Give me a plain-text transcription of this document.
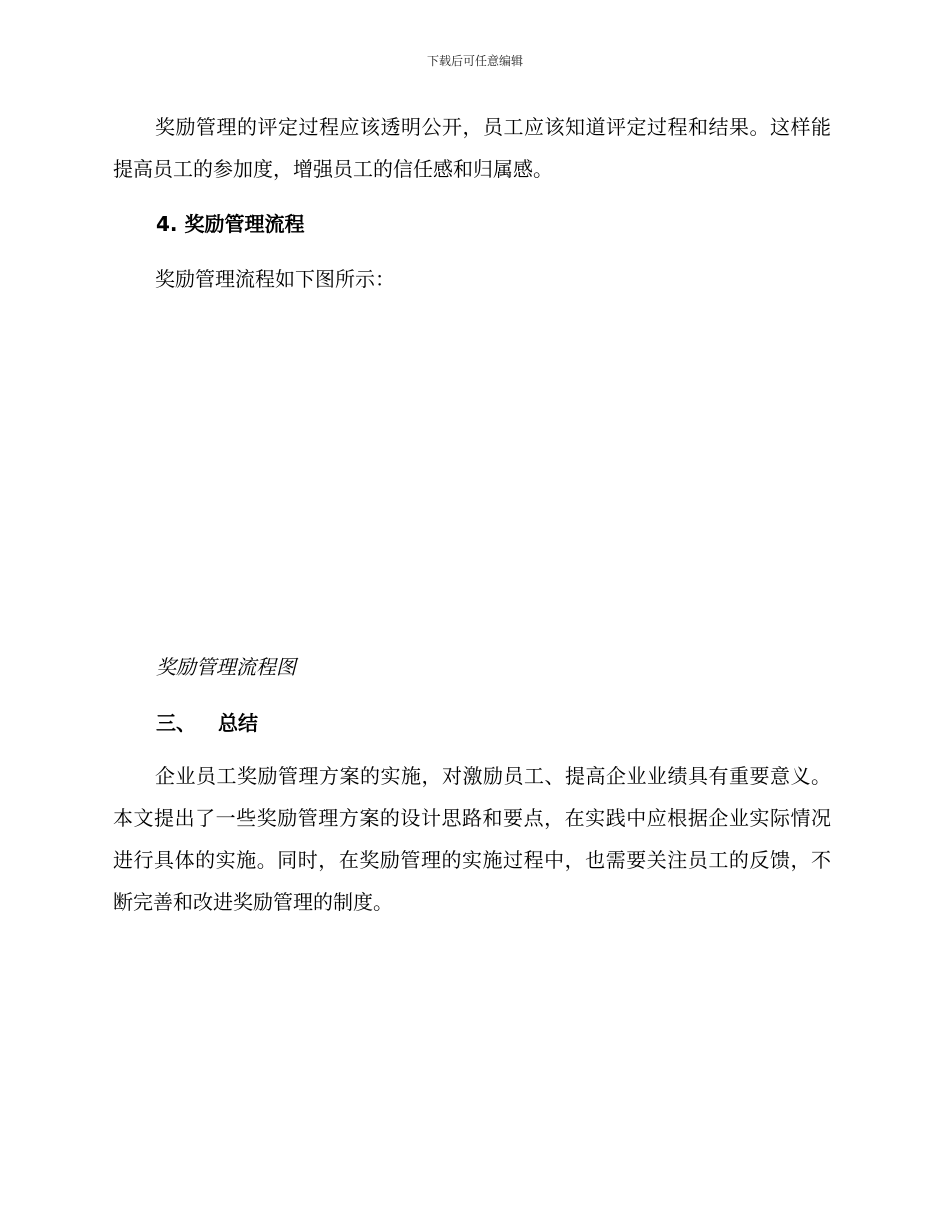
下载后可任意编辑

奖励管理的评定过程应该透明公开，员工应该知道评定过程和结果。这样能提高员工的参加度，增强员工的信任感和归属感。

4. 奖励管理流程

奖励管理流程如下图所示：

奖励管理流程图

三、 总结

企业员工奖励管理方案的实施，对激励员工、提高企业业绩具有重要意义。本文提出了一些奖励管理方案的设计思路和要点，在实践中应根据企业实际情况进行具体的实施。同时，在奖励管理的实施过程中，也需要关注员工的反馈，不断完善和改进奖励管理的制度。
